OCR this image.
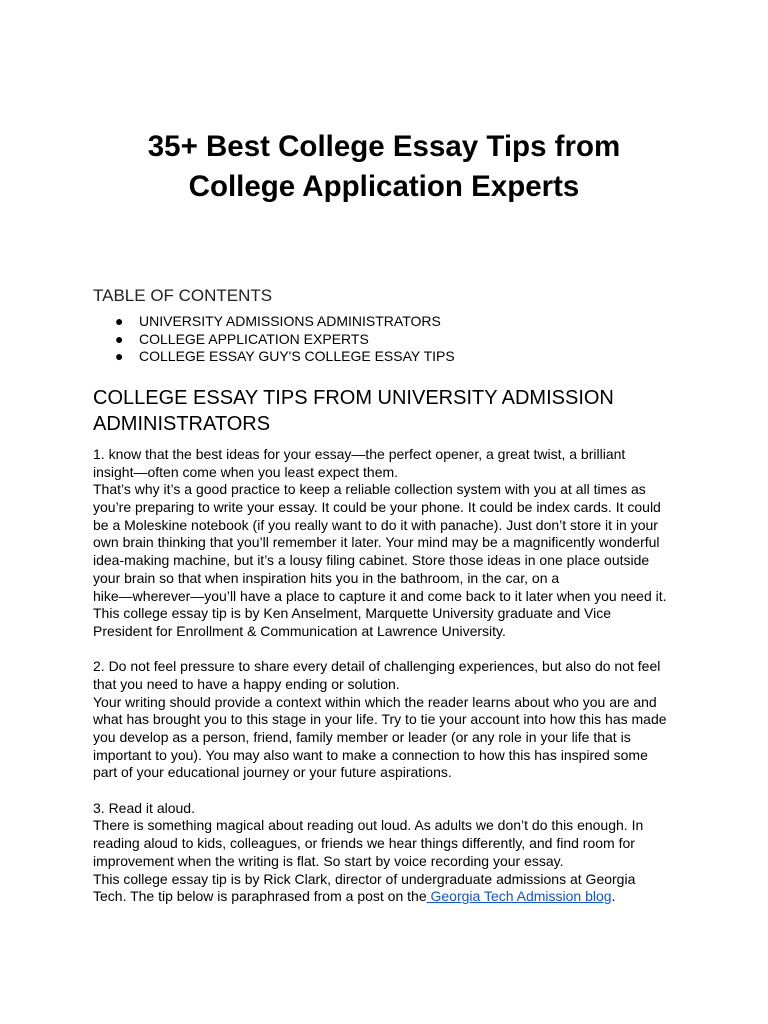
35+ Best College Essay Tips from
College Application Experts
TABLE OF CONTENTS
● UNIVERSITY ADMISSIONS ADMINISTRATORS
● COLLEGE APPLICATION EXPERTS
● COLLEGE ESSAY GUY'S COLLEGE ESSAY TIPS
COLLEGE ESSAY TIPS FROM UNIVERSITY ADMISSION
ADMINISTRATORS
1. know that the best ideas for your essay—the perfect opener, a great twist, a brilliant
insight—often come when you least expect them.
That’s why it’s a good practice to keep a reliable collection system with you at all times as
you’re preparing to write your essay. It could be your phone. It could be index cards. It could
be a Moleskine notebook (if you really want to do it with panache). Just don’t store it in your
own brain thinking that you’ll remember it later. Your mind may be a magnificently wonderful
idea-making machine, but it’s a lousy filing cabinet. Store those ideas in one place outside
your brain so that when inspiration hits you in the bathroom, in the car, on a
hike—wherever—you’ll have a place to capture it and come back to it later when you need it.
This college essay tip is by Ken Anselment, Marquette University graduate and Vice
President for Enrollment & Communication at Lawrence University.
2. Do not feel pressure to share every detail of challenging experiences, but also do not feel
that you need to have a happy ending or solution.
Your writing should provide a context within which the reader learns about who you are and
what has brought you to this stage in your life. Try to tie your account into how this has made
you develop as a person, friend, family member or leader (or any role in your life that is
important to you). You may also want to make a connection to how this has inspired some
part of your educational journey or your future aspirations.
3. Read it aloud.
There is something magical about reading out loud. As adults we don’t do this enough. In
reading aloud to kids, colleagues, or friends we hear things differently, and find room for
improvement when the writing is flat. So start by voice recording your essay.
This college essay tip is by Rick Clark, director of undergraduate admissions at Georgia
Tech. The tip below is paraphrased from a post on the Georgia Tech Admission blog.
